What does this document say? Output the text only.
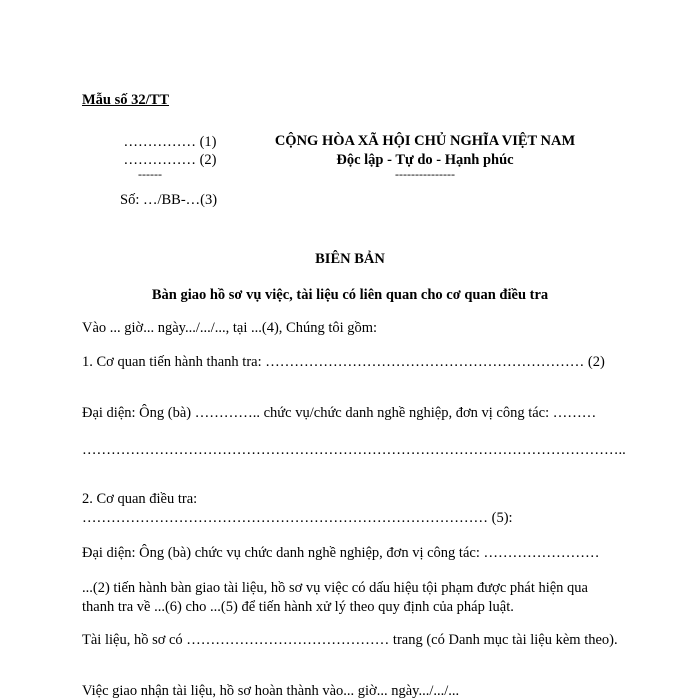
Mẫu số 32/TT
…………… (1)
…………… (2)
------
Số: …/BB-…(3)
CỘNG HÒA XÃ HỘI CHỦ NGHĨA VIỆT NAM
Độc lập - Tự do - Hạnh phúc
---------------
BIÊN BẢN
Bàn giao hồ sơ vụ việc, tài liệu có liên quan cho cơ quan điều tra
Vào ... giờ... ngày.../.../..., tại ...(4), Chúng tôi gồm:
1. Cơ quan tiến hành thanh tra: ………………………………………………………… (2)
Đại diện: Ông (bà) ………….. chức vụ/chức danh nghề nghiệp, đơn vị công tác: ………
…………………………………………………………………………………………………..
2. Cơ quan điều tra:
………………………………………………………………………… (5):
Đại diện: Ông (bà) chức vụ chức danh nghề nghiệp, đơn vị công tác: ……………………
...(2) tiến hành bàn giao tài liệu, hồ sơ vụ việc có dấu hiệu tội phạm được phát hiện qua thanh tra về ...(6) cho ...(5) để tiến hành xử lý theo quy định của pháp luật.
Tài liệu, hồ sơ có …………………………………… trang (có Danh mục tài liệu kèm theo).
Việc giao nhận tài liệu, hồ sơ hoàn thành vào... giờ... ngày.../.../...
